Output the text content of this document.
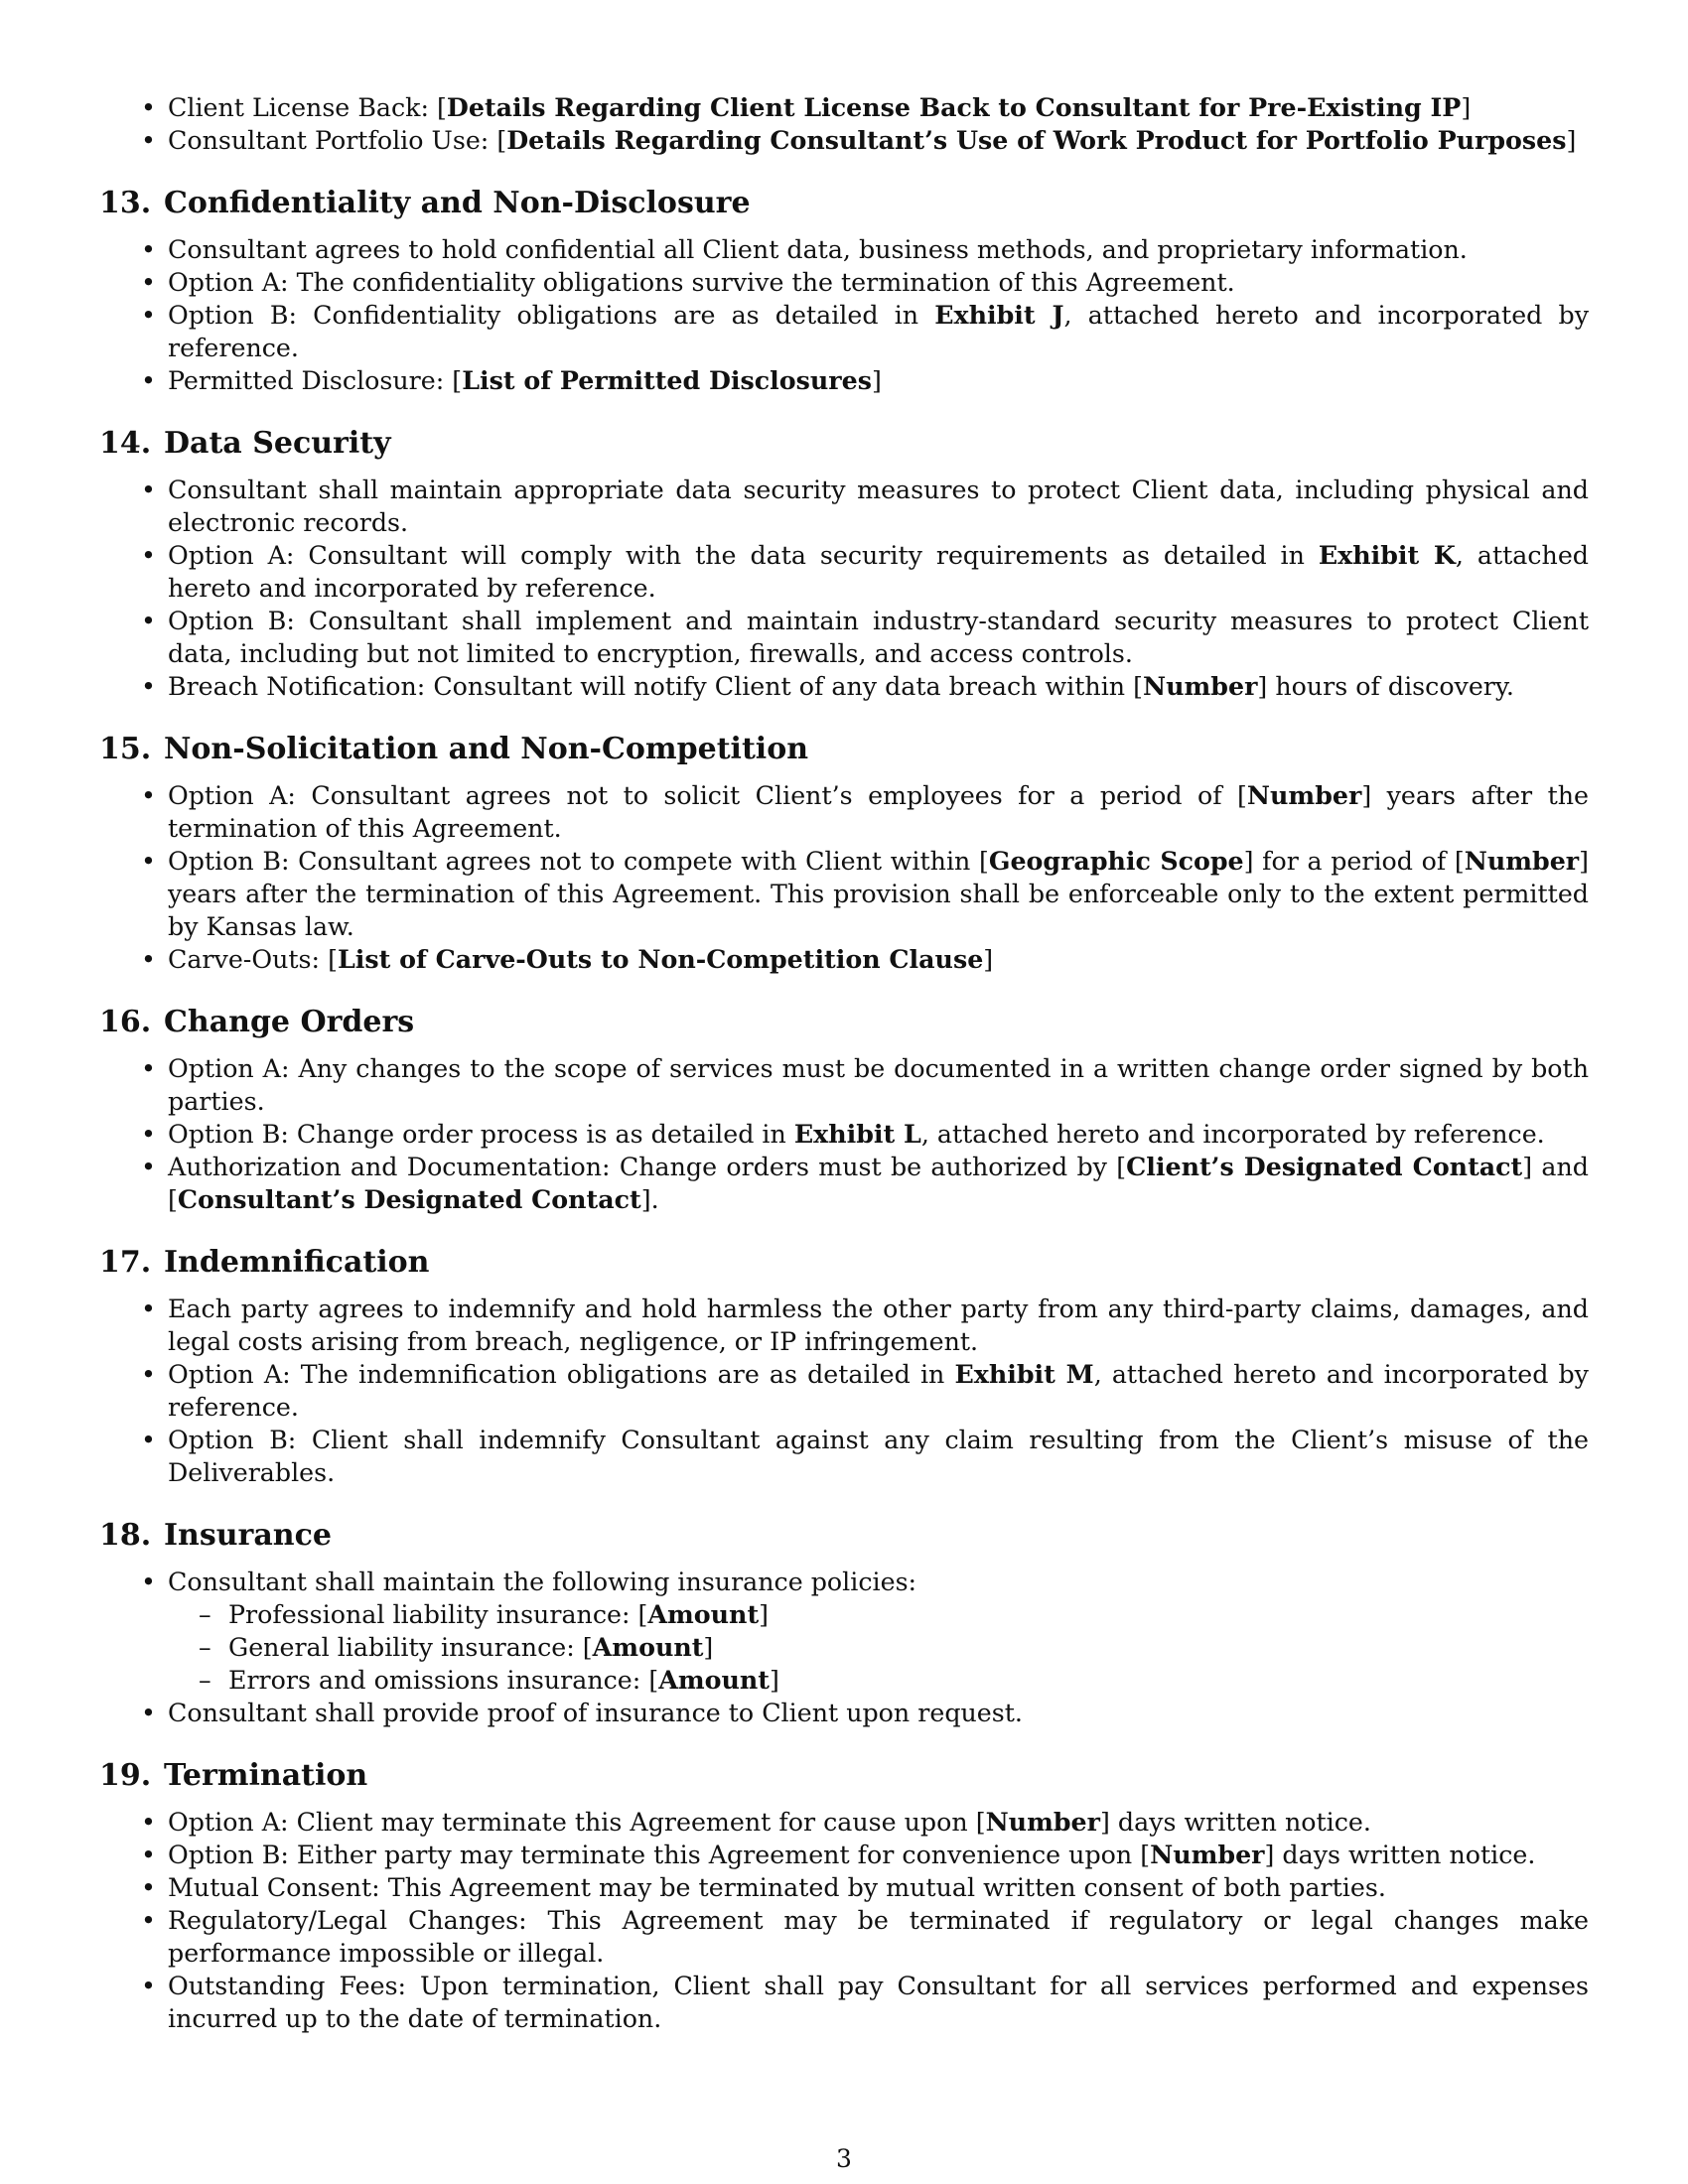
• Client License Back: [Details Regarding Client License Back to Consultant for Pre-Existing IP]
• Consultant Portfolio Use: [Details Regarding Consultant’s Use of Work Product for Portfolio Purposes]
13. Confidentiality and Non-Disclosure
• Consultant agrees to hold confidential all Client data, business methods, and proprietary information.
• Option A: The confidentiality obligations survive the termination of this Agreement.
• Option B: Confidentiality obligations are as detailed in Exhibit J, attached hereto and incorporated by reference.
• Permitted Disclosure: [List of Permitted Disclosures]
14. Data Security
• Consultant shall maintain appropriate data security measures to protect Client data, including physical and electronic records.
• Option A: Consultant will comply with the data security requirements as detailed in Exhibit K, attached hereto and incorporated by reference.
• Option B: Consultant shall implement and maintain industry-standard security measures to protect Client data, including but not limited to encryption, firewalls, and access controls.
• Breach Notification: Consultant will notify Client of any data breach within [Number] hours of discovery.
15. Non-Solicitation and Non-Competition
• Option A: Consultant agrees not to solicit Client’s employees for a period of [Number] years after the termination of this Agreement.
• Option B: Consultant agrees not to compete with Client within [Geographic Scope] for a period of [Number] years after the termination of this Agreement. This provision shall be enforceable only to the extent permitted by Kansas law.
• Carve-Outs: [List of Carve-Outs to Non-Competition Clause]
16. Change Orders
• Option A: Any changes to the scope of services must be documented in a written change order signed by both parties.
• Option B: Change order process is as detailed in Exhibit L, attached hereto and incorporated by reference.
• Authorization and Documentation: Change orders must be authorized by [Client’s Designated Contact] and [Consultant’s Designated Contact].
17. Indemnification
• Each party agrees to indemnify and hold harmless the other party from any third-party claims, damages, and legal costs arising from breach, negligence, or IP infringement.
• Option A: The indemnification obligations are as detailed in Exhibit M, attached hereto and incorporated by reference.
• Option B: Client shall indemnify Consultant against any claim resulting from the Client’s misuse of the Deliverables.
18. Insurance
• Consultant shall maintain the following insurance policies:
– Professional liability insurance: [Amount]
– General liability insurance: [Amount]
– Errors and omissions insurance: [Amount]
• Consultant shall provide proof of insurance to Client upon request.
19. Termination
• Option A: Client may terminate this Agreement for cause upon [Number] days written notice.
• Option B: Either party may terminate this Agreement for convenience upon [Number] days written notice.
• Mutual Consent: This Agreement may be terminated by mutual written consent of both parties.
• Regulatory/Legal Changes: This Agreement may be terminated if regulatory or legal changes make performance impossible or illegal.
• Outstanding Fees: Upon termination, Client shall pay Consultant for all services performed and expenses incurred up to the date of termination.
3
